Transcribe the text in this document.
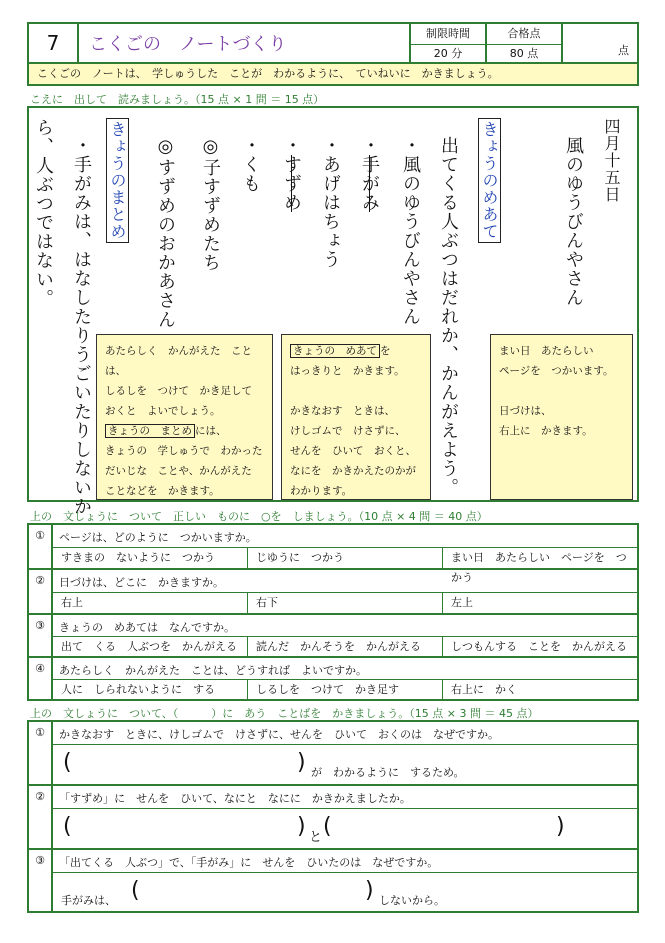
7	こくごの　ノートづくり
制限時間
20 分
合格点
80 点	点
こくごの　ノートは、　学しゅうした　ことが　わかるように、　ていねいに　かきましょう。
こえに　出して　読みましょう。（15 点 × 1 問 ＝ 15 点）
四月十五日
風のゆうびんやさん
きょうのめあて
出てくる人ぶつはだれか、かんがえよう。
・風のゆうびんやさん
・手がみ
・あげはちょう
・すずめ
・くも
◎子すずめたち
◎すずめのおかあさん
きょうのまとめ
・手がみは、はなしたりうごいたりしないか
ら、人ぶつではない。
あたらしく　かんがえた　ことは、
しるしを　つけて　かき足して
おくと　よいでしょう。
きょうの　まとめ には、
きょうの　学しゅうで　わかった
だいじな　ことや、かんがえた
ことなどを　かきます。
きょうの　めあて を
はっきりと　かきます。
かきなおす　ときは、
けしゴムで　けさずに、
せんを　ひいて　おくと、
なにを　かきかえたのかが
わかります。
まい日　あたらしい
ページを　つかいます。
日づけは、
右上に　かきます。
上の　文しょうに　ついて　正しい　ものに　○を　しましょう。（10 点 × 4 問 ＝ 40 点）
①	ページは、どのように　つかいますか。
すきまの　ないように　つかう	じゆうに　つかう	まい日　あたらしい　ページを　つかう
②	日づけは、どこに　かきますか。
右上	右下	左上
③	きょうの　めあては　なんですか。
出て　くる　人ぶつを　かんがえる	読んだ　かんそうを　かんがえる	しつもんする　ことを　かんがえる
④	あたらしく　かんがえた　ことは、どうすれば　よいですか。
人に　しられないように　する	しるしを　つけて　かき足す	右上に　かく
上の　文しょうに　ついて、（　　　）に　あう　ことばを　かきましょう。（15 点 × 3 問 ＝ 45 点）
①	かきなおす　ときに、けしゴムで　けさずに、せんを　ひいて　おくのは　なぜですか。
(	) が　わかるように　するため。
②	「すずめ」に　せんを　ひいて、なにと　なにに　かきかえましたか。
(	) と (	)
③	「出てくる　人ぶつ」で、「手がみ」に　せんを　ひいたのは　なぜですか。
手がみは、 (	) しないから。
